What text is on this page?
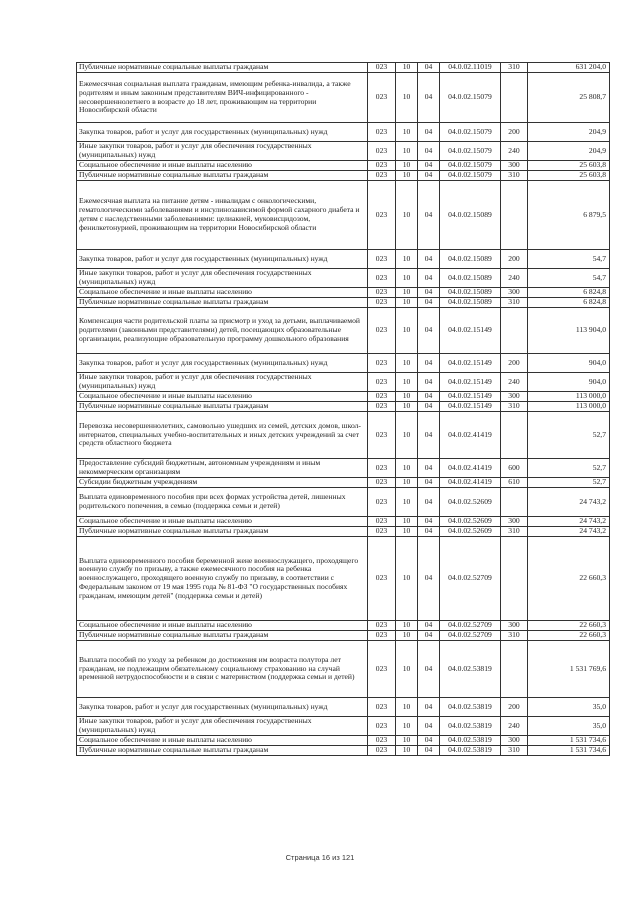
Публичные нормативные социальные выплаты гражданам	023	10	04	04.0.02.11019	310	631 204,0
Ежемесячная социальная выплата гражданам, имеющим ребенка-инвалида, а также родителям и иным законным представителям ВИЧ-инфицированного - несовершеннолетнего в возрасте до 18 лет, проживающим на территории Новосибирской области	023	10	04	04.0.02.15079		25 808,7
Закупка товаров, работ и услуг для государственных (муниципальных) нужд	023	10	04	04.0.02.15079	200	204,9
Иные закупки товаров, работ и услуг для обеспечения государственных (муниципальных) нужд	023	10	04	04.0.02.15079	240	204,9
Социальное обеспечение и иные выплаты населению	023	10	04	04.0.02.15079	300	25 603,8
Публичные нормативные социальные выплаты гражданам	023	10	04	04.0.02.15079	310	25 603,8
Ежемесячная выплата на питание детям - инвалидам с онкологическими, гематологическими заболеваниями и инсулинозависимой формой сахарного диабета и детям с наследственными заболеваниями: целиакией, муковисцидозом, фенилкетонурией, проживающим на территории Новосибирской области	023	10	04	04.0.02.15089		6 879,5
Закупка товаров, работ и услуг для государственных (муниципальных) нужд	023	10	04	04.0.02.15089	200	54,7
Иные закупки товаров, работ и услуг для обеспечения государственных (муниципальных) нужд	023	10	04	04.0.02.15089	240	54,7
Социальное обеспечение и иные выплаты населению	023	10	04	04.0.02.15089	300	6 824,8
Публичные нормативные социальные выплаты гражданам	023	10	04	04.0.02.15089	310	6 824,8
Компенсация части родительской платы за присмотр и уход за детьми, выплачиваемой родителями (законными представителями) детей, посещающих образовательные организации, реализующие образовательную программу дошкольного образования	023	10	04	04.0.02.15149		113 904,0
Закупка товаров, работ и услуг для государственных (муниципальных) нужд	023	10	04	04.0.02.15149	200	904,0
Иные закупки товаров, работ и услуг для обеспечения государственных (муниципальных) нужд	023	10	04	04.0.02.15149	240	904,0
Социальное обеспечение и иные выплаты населению	023	10	04	04.0.02.15149	300	113 000,0
Публичные нормативные социальные выплаты гражданам	023	10	04	04.0.02.15149	310	113 000,0
Перевозка несовершеннолетних, самовольно ушедших из семей, детских домов, школ-интернатов, специальных учебно-воспитательных и иных детских учреждений за счет средств областного бюджета	023	10	04	04.0.02.41419		52,7
Предоставление субсидий бюджетным, автономным учреждениям и иным некоммерческим организациям	023	10	04	04.0.02.41419	600	52,7
Субсидии бюджетным учреждениям	023	10	04	04.0.02.41419	610	52,7
Выплата единовременного пособия при всех формах устройства детей, лишенных родительского попечения, в семью (поддержка семьи и детей)	023	10	04	04.0.02.52609		24 743,2
Социальное обеспечение и иные выплаты населению	023	10	04	04.0.02.52609	300	24 743,2
Публичные нормативные социальные выплаты гражданам	023	10	04	04.0.02.52609	310	24 743,2
Выплата единовременного пособия беременной жене военнослужащего, проходящего военную службу по призыву, а также ежемесячного пособия на ребенка военнослужащего, проходящего военную службу по призыву, в соответствии с Федеральным законом от 19 мая 1995 года № 81-ФЗ "О государственных пособиях гражданам, имеющим детей" (поддержка семьи и детей)	023	10	04	04.0.02.52709		22 660,3
Социальное обеспечение и иные выплаты населению	023	10	04	04.0.02.52709	300	22 660,3
Публичные нормативные социальные выплаты гражданам	023	10	04	04.0.02.52709	310	22 660,3
Выплата пособий по уходу за ребенком до достижения им возраста полутора лет гражданам, не подлежащим обязательному социальному страхованию на случай временной нетрудоспособности и в связи с материнством (поддержка семьи и детей)	023	10	04	04.0.02.53819		1 531 769,6
Закупка товаров, работ и услуг для государственных (муниципальных) нужд	023	10	04	04.0.02.53819	200	35,0
Иные закупки товаров, работ и услуг для обеспечения государственных (муниципальных) нужд	023	10	04	04.0.02.53819	240	35,0
Социальное обеспечение и иные выплаты населению	023	10	04	04.0.02.53819	300	1 531 734,6
Публичные нормативные социальные выплаты гражданам	023	10	04	04.0.02.53819	310	1 531 734,6
Страница 16 из 121
